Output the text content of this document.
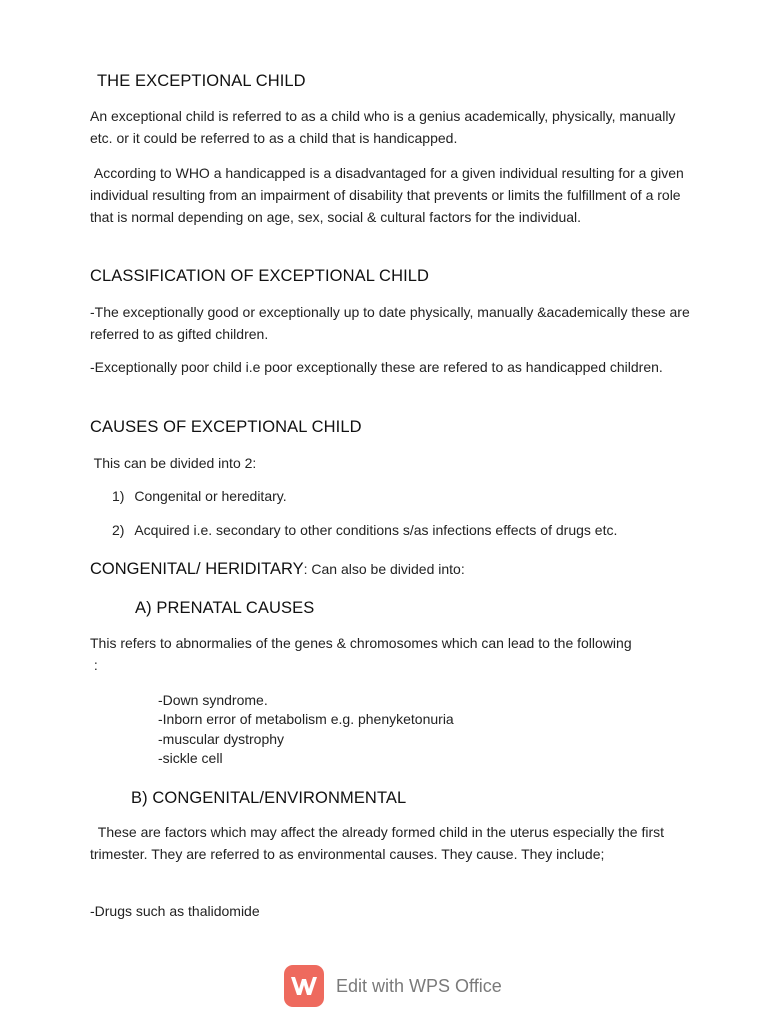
THE EXCEPTIONAL CHILD
An exceptional child is referred to as a child who is a genius academically, physically, manually etc. or it could be referred to as a child that is handicapped.
According to WHO a handicapped is a disadvantaged for a given individual resulting for a given individual resulting from an impairment of disability that prevents or limits the fulfillment of a role that is normal depending on age, sex, social & cultural factors for the individual.
CLASSIFICATION OF EXCEPTIONAL CHILD
-The exceptionally good or exceptionally up to date physically, manually &academically these are referred to as gifted children.
-Exceptionally poor child i.e poor exceptionally these are refered to as handicapped children.
CAUSES OF EXCEPTIONAL CHILD
This can be divided into 2:
1) Congenital or hereditary.
2) Acquired i.e. secondary to other conditions s/as infections effects of drugs etc.
CONGENITAL/ HERIDITARY: Can also be divided into:
A) PRENATAL CAUSES
This refers to abnormalies of the genes & chromosomes which can lead to the following
:
-Down syndrome.
-Inborn error of metabolism e.g. phenyketonuria
-muscular dystrophy
-sickle cell
B) CONGENITAL/ENVIRONMENTAL
These are factors which may affect the already formed child in the uterus especially the first trimester. They are referred to as environmental causes. They cause. They include;
-Drugs such as thalidomide
Edit with WPS Office
